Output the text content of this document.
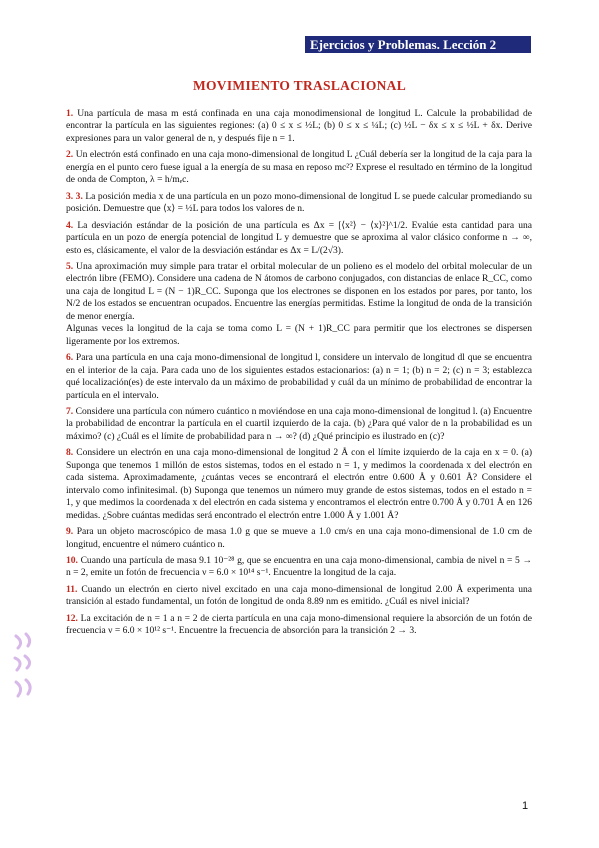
Ejercicios y Problemas. Lección 2
MOVIMIENTO TRASLACIONAL
1. Una partícula de masa m está confinada en una caja monodimensional de longitud L. Calcule la probabilidad de encontrar la partícula en las siguientes regiones: (a) 0 ≤ x ≤ ½L; (b) 0 ≤ x ≤ ¼L; (c) ½L − δx ≤ x ≤ ½L + δx. Derive expresiones para un valor general de n, y después fije n = 1.
2. Un electrón está confinado en una caja mono-dimensional de longitud L ¿Cuál debería ser la longitud de la caja para la energía en el punto cero fuese igual a la energía de su masa en reposo mc²? Exprese el resultado en término de la longitud de onda de Compton, λ = h/mₑc.
3. 3. La posición media x de una partícula en un pozo mono-dimensional de longitud L se puede calcular promediando su posición. Demuestre que ⟨x⟩ = ½L para todos los valores de n.
4. La desviación estándar de la posición de una partícula es Δx = [⟨x²⟩ − ⟨x⟩²]^1/2. Evalúe esta cantidad para una partícula en un pozo de energía potencial de longitud L y demuestre que se aproxima al valor clásico conforme n → ∞, esto es, clásicamente, el valor de la desviación estándar es Δx = L/(2√3).
5. Una aproximación muy simple para tratar el orbital molecular de un polieno es el modelo del orbital molecular de un electrón libre (FEMO). Considere una cadena de N átomos de carbono conjugados, con distancias de enlace R_CC, como una caja de longitud L = (N − 1)R_CC. Suponga que los electrones se disponen en los estados por pares, por tanto, los N/2 de los estados se encuentran ocupados. Encuentre las energías permitidas. Estime la longitud de onda de la transición de menor energía.
Algunas veces la longitud de la caja se toma como L = (N + 1)R_CC para permitir que los electrones se dispersen ligeramente por los extremos.
6. Para una partícula en una caja mono-dimensional de longitud l, considere un intervalo de longitud dl que se encuentra en el interior de la caja. Para cada uno de los siguientes estados estacionarios: (a) n = 1; (b) n = 2; (c) n = 3; establezca qué localización(es) de este intervalo da un máximo de probabilidad y cuál da un mínimo de probabilidad de encontrar la partícula en el intervalo.
7. Considere una partícula con número cuántico n moviéndose en una caja mono-dimensional de longitud l. (a) Encuentre la probabilidad de encontrar la partícula en el cuartil izquierdo de la caja. (b) ¿Para qué valor de n la probabilidad es un máximo? (c) ¿Cuál es el límite de probabilidad para n → ∞? (d) ¿Qué principio es ilustrado en (c)?
8. Considere un electrón en una caja mono-dimensional de longitud 2 Å con el límite izquierdo de la caja en x = 0. (a) Suponga que tenemos 1 millón de estos sistemas, todos en el estado n = 1, y medimos la coordenada x del electrón en cada sistema. Aproximadamente, ¿cuántas veces se encontrará el electrón entre 0.600 Å y 0.601 Å? Considere el intervalo como infinitesimal. (b) Suponga que tenemos un número muy grande de estos sistemas, todos en el estado n = 1, y que medimos la coordenada x del electrón en cada sistema y encontramos el electrón entre 0.700 Å y 0.701 Å en 126 medidas. ¿Sobre cuántas medidas será encontrado el electrón entre 1.000 Å y 1.001 Å?
9. Para un objeto macroscópico de masa 1.0 g que se mueve a 1.0 cm/s en una caja mono-dimensional de 1.0 cm de longitud, encuentre el número cuántico n.
10. Cuando una partícula de masa 9.1 10⁻²⁸ g, que se encuentra en una caja mono-dimensional, cambia de nivel n = 5 → n = 2, emite un fotón de frecuencia ν = 6.0 × 10¹⁴ s⁻¹. Encuentre la longitud de la caja.
11. Cuando un electrón en cierto nivel excitado en una caja mono-dimensional de longitud 2.00 Å experimenta una transición al estado fundamental, un fotón de longitud de onda 8.89 nm es emitido. ¿Cuál es nivel inicial?
12. La excitación de n = 1 a n = 2 de cierta partícula en una caja mono-dimensional requiere la absorción de un fotón de frecuencia ν = 6.0 × 10¹² s⁻¹. Encuentre la frecuencia de absorción para la transición 2 → 3.
1
